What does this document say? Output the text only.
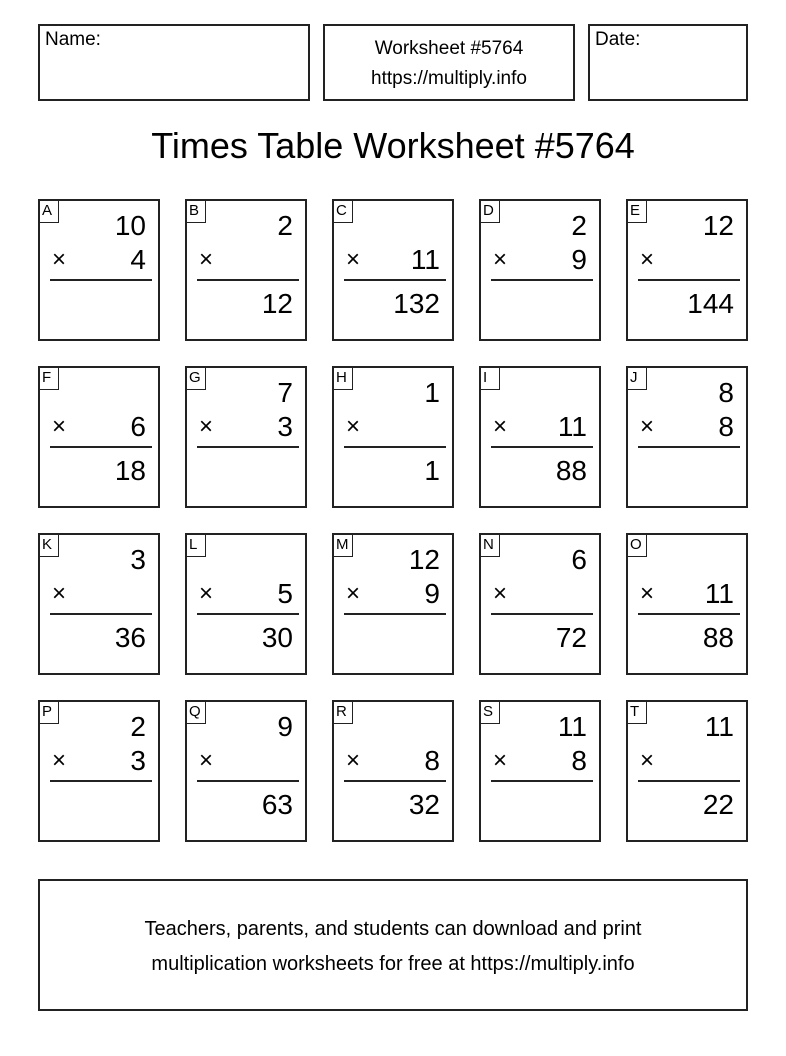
Name:	Worksheet #5764
https://multiply.info
Date:
Times Table Worksheet #5764
A 10
× 4
B	2
×
12
C
× 11
132
D	2
× 9
E 12
×
144
F
× 6
18
G	7
× 3
H	1
×
1
I
× 11
88
J	8
× 8
K	3
×
36
L
× 5
30
M 12
× 9
N	6
×
72
O
× 11
88
P	2
× 3
Q	9
×
63
R
× 8
32
S 11
× 8
T 11
×
22
Teachers, parents, and students can download and print
multiplication worksheets for free at https://multiply.info
